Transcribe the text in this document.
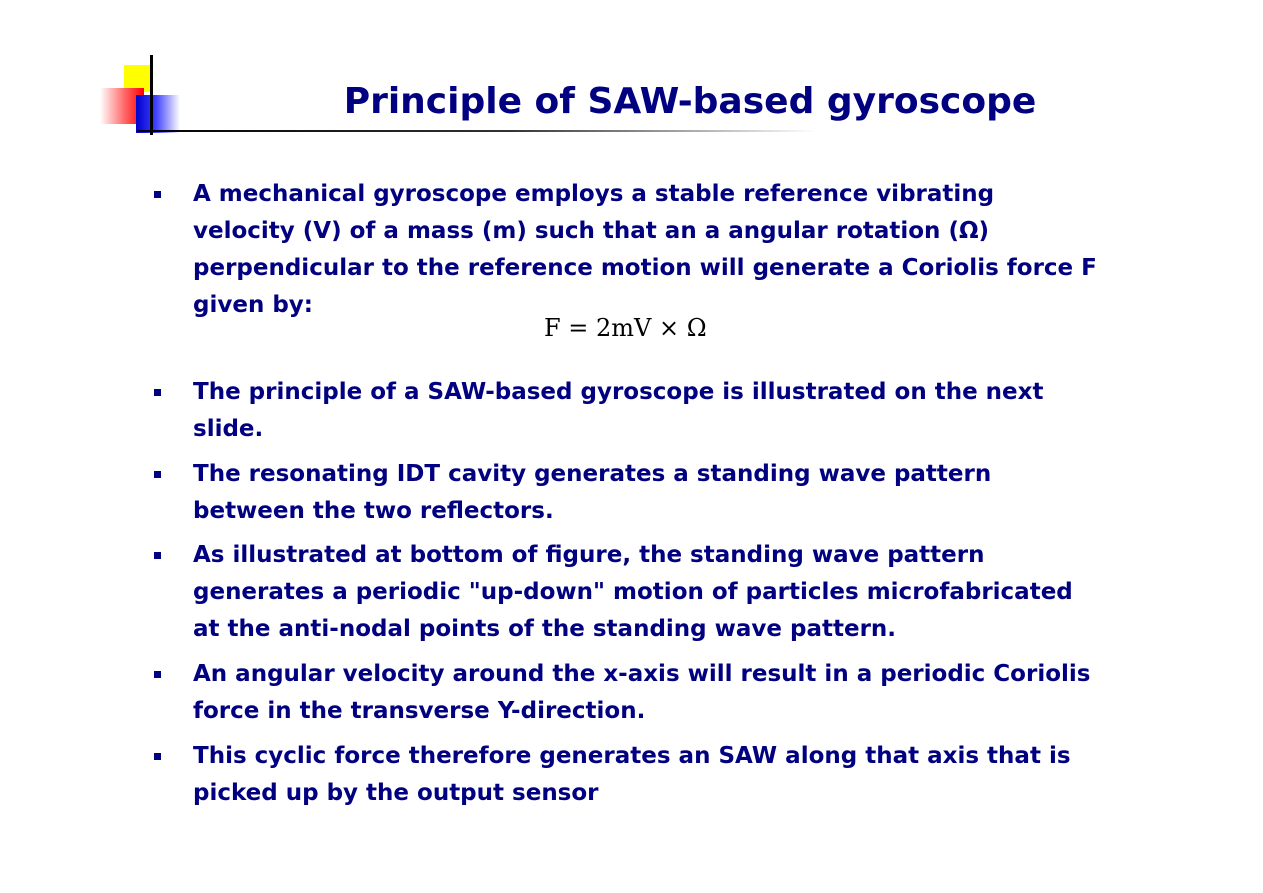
Principle of SAW-based gyroscope
A mechanical gyroscope employs a stable reference vibrating
velocity (V) of a mass (m) such that an a angular rotation (Ω)
perpendicular to the reference motion will generate a Coriolis force F
given by:
The principle of a SAW-based gyroscope is illustrated on the next
slide.
The resonating IDT cavity generates a standing wave pattern
between the two reflectors.
As illustrated at bottom of figure, the standing wave pattern
generates a periodic "up-down" motion of particles microfabricated
at the anti-nodal points of the standing wave pattern.
An angular velocity around the x-axis will result in a periodic Coriolis
force in the transverse Y-direction.
This cyclic force therefore generates an SAW along that axis that is
picked up by the output sensor
F = 2mV × Ω
